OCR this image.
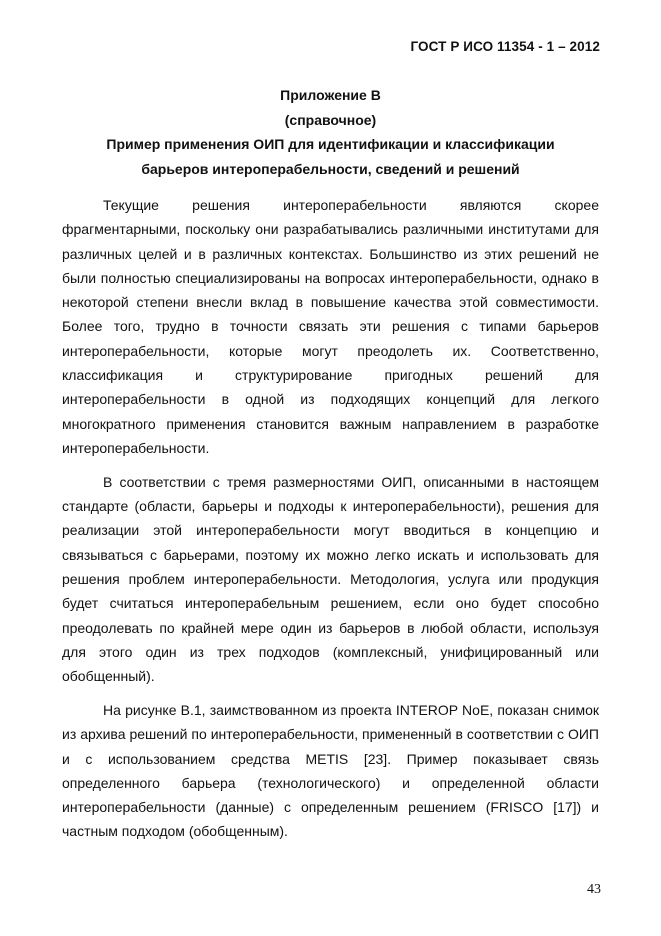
ГОСТ Р ИСО 11354 - 1 – 2012
Приложение В
(справочное)
Пример применения ОИП для идентификации и классификации
барьеров интероперабельности, сведений и решений

Текущие решения интероперабельности являются скорее фрагментарными, поскольку они разрабатывались различными институтами для различных целей и в различных контекстах. Большинство из этих решений не были полностью специализированы на вопросах интероперабельности, однако в некоторой степени внесли вклад в повышение качества этой совместимости. Более того, трудно в точности связать эти решения с типами барьеров интероперабельности, которые могут преодолеть их. Соответственно, классификация и структурирование пригодных решений для интероперабельности в одной из подходящих концепций для легкого многократного применения становится важным направлением в разработке интероперабельности.

В соответствии с тремя размерностями ОИП, описанными в настоящем стандарте (области, барьеры и подходы к интероперабельности), решения для реализации этой интероперабельности могут вводиться в концепцию и связываться с барьерами, поэтому их можно легко искать и использовать для решения проблем интероперабельности. Методология, услуга или продукция будет считаться интероперабельным решением, если оно будет способно преодолевать по крайней мере один из барьеров в любой области, используя для этого один из трех подходов (комплексный, унифицированный или обобщенный).

На рисунке В.1, заимствованном из проекта INTEROP NoE, показан снимок из архива решений по интероперабельности, примененный в соответствии с ОИП и с использованием средства METIS [23]. Пример показывает связь определенного барьера (технологического) и определенной области интероперабельности (данные) с определенным решением (FRISCO [17]) и частным подходом (обобщенным).

43
